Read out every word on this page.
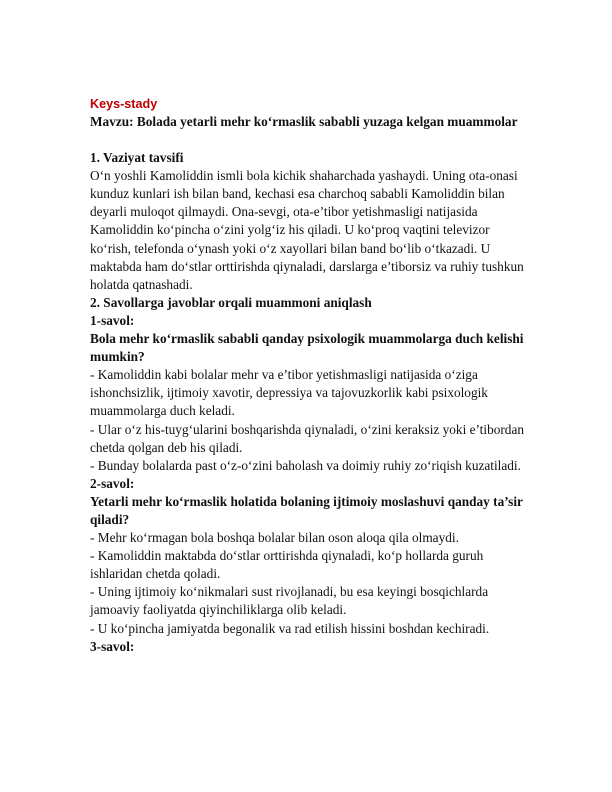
Keys-stady

Mavzu: Bolada yetarli mehr ko‘rmaslik sababli yuzaga kelgan muammolar

1. Vaziyat tavsifi

O‘n yoshli Kamoliddin ismli bola kichik shaharchada yashaydi. Uning ota-onasi kunduz kunlari ish bilan band, kechasi esa charchoq sababli Kamoliddin bilan deyarli muloqot qilmaydi. Ona-sevgi, ota-e’tibor yetishmasligi natijasida Kamoliddin ko‘pincha o‘zini yolg‘iz his qiladi. U ko‘proq vaqtini televizor ko‘rish, telefonda o‘ynash yoki o‘z xayollari bilan band bo‘lib o‘tkazadi. U maktabda ham do‘stlar orttirishda qiynaladi, darslarga e’tiborsiz va ruhiy tushkun holatda qatnashadi.

2. Savollarga javoblar orqali muammoni aniqlash

1-savol:

Bola mehr ko‘rmaslik sababli qanday psixologik muammolarga duch kelishi mumkin?

- Kamoliddin kabi bolalar mehr va e’tibor yetishmasligi natijasida o‘ziga ishonchsizlik, ijtimoiy xavotir, depressiya va tajovuzkorlik kabi psixologik muammolarga duch keladi.

- Ular o‘z his-tuyg‘ularini boshqarishda qiynaladi, o‘zini keraksiz yoki e’tibordan chetda qolgan deb his qiladi.

- Bunday bolalarda past o‘z-o‘zini baholash va doimiy ruhiy zo‘riqish kuzatiladi.

2-savol:

Yetarli mehr ko‘rmaslik holatida bolaning ijtimoiy moslashuvi qanday ta’sir qiladi?

- Mehr ko‘rmagan bola boshqa bolalar bilan oson aloqa qila olmaydi.

- Kamoliddin maktabda do‘stlar orttirishda qiynaladi, ko‘p hollarda guruh ishlaridan chetda qoladi.

- Uning ijtimoiy ko‘nikmalari sust rivojlanadi, bu esa keyingi bosqichlarda jamoaviy faoliyatda qiyinchiliklarga olib keladi.

- U ko‘pincha jamiyatda begonalik va rad etilish hissini boshdan kechiradi.

3-savol:
